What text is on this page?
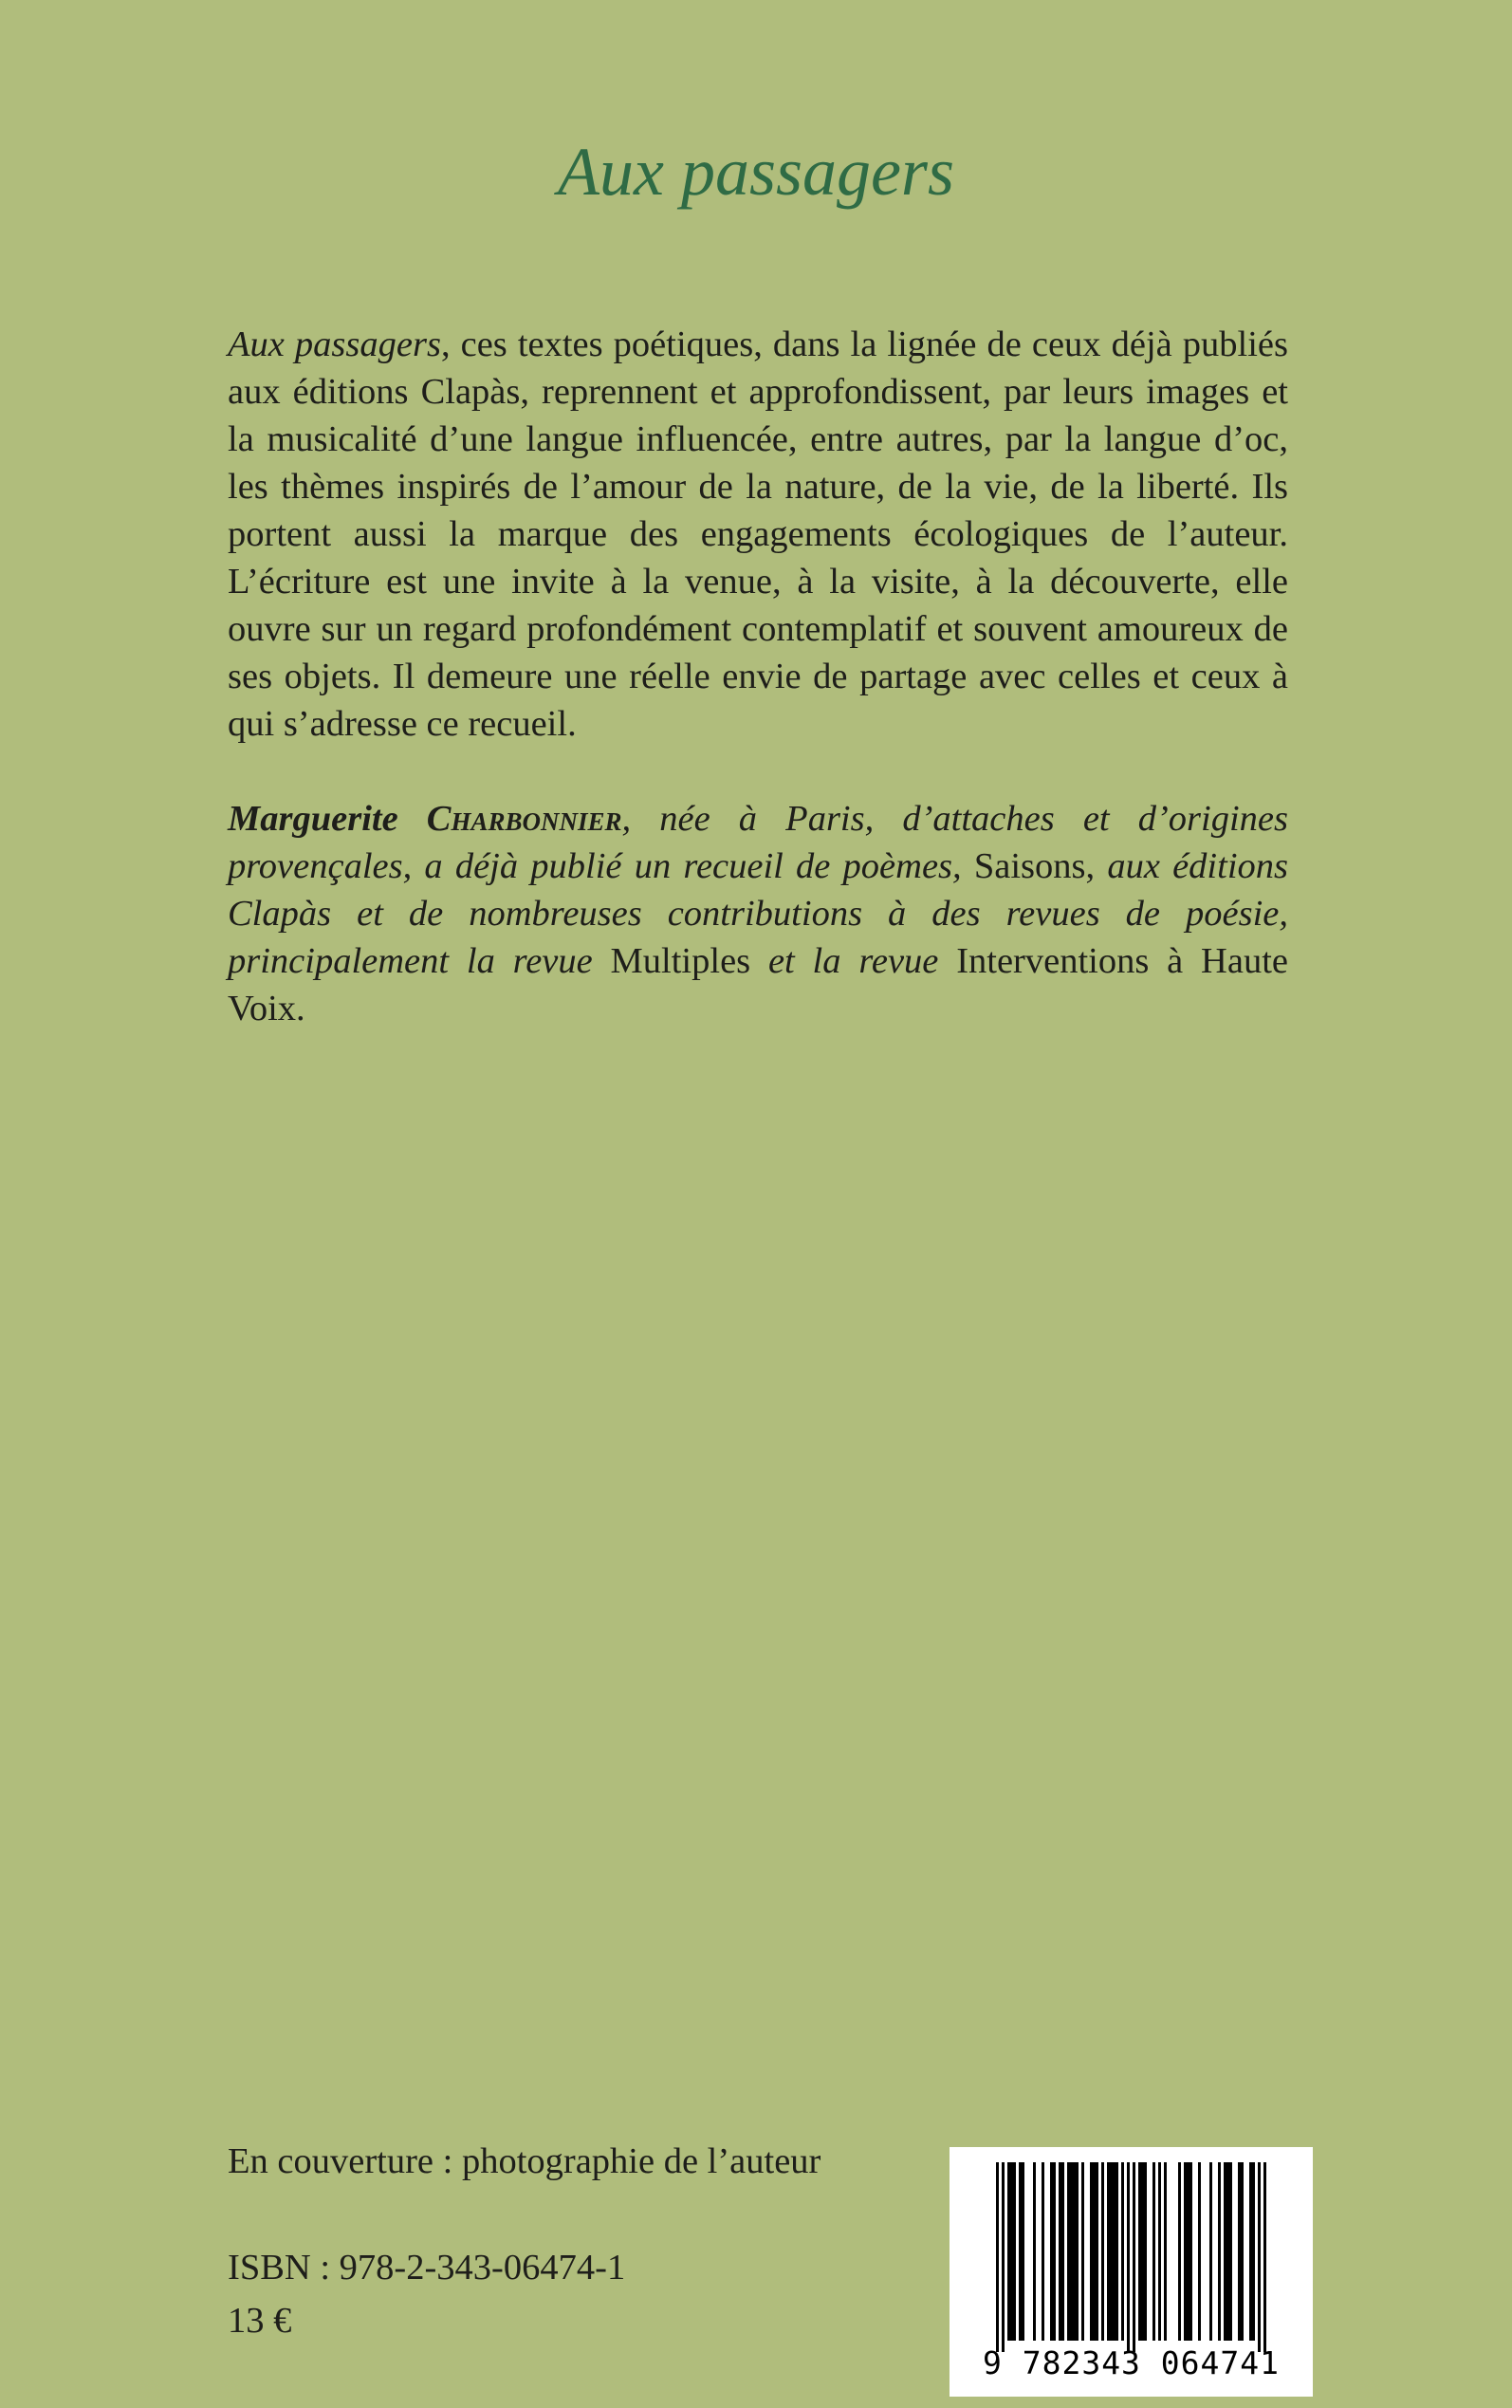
Aux passagers

Aux passagers, ces textes poétiques, dans la lignée de ceux déjà publiés aux éditions Clapàs, reprennent et approfondissent, par leurs images et la musicalité d’une langue influencée, entre autres, par la langue d’oc, les thèmes inspirés de l’amour de la nature, de la vie, de la liberté. Ils portent aussi la marque des engagements écologiques de l’auteur. L’écriture est une invite à la venue, à la visite, à la découverte, elle ouvre sur un regard profondément contemplatif et souvent amoureux de ses objets. Il demeure une réelle envie de partage avec celles et ceux à qui s’adresse ce recueil.

Marguerite Charbonnier, née à Paris, d’attaches et d’origines provençales, a déjà publié un recueil de poèmes, Saisons, aux éditions Clapàs et de nombreuses contributions à des revues de poésie, principalement la revue Multiples et la revue Interventions à Haute Voix.

En couverture : photographie de l’auteur

ISBN : 978-2-343-06474-1

13 €

9 782343 064741
